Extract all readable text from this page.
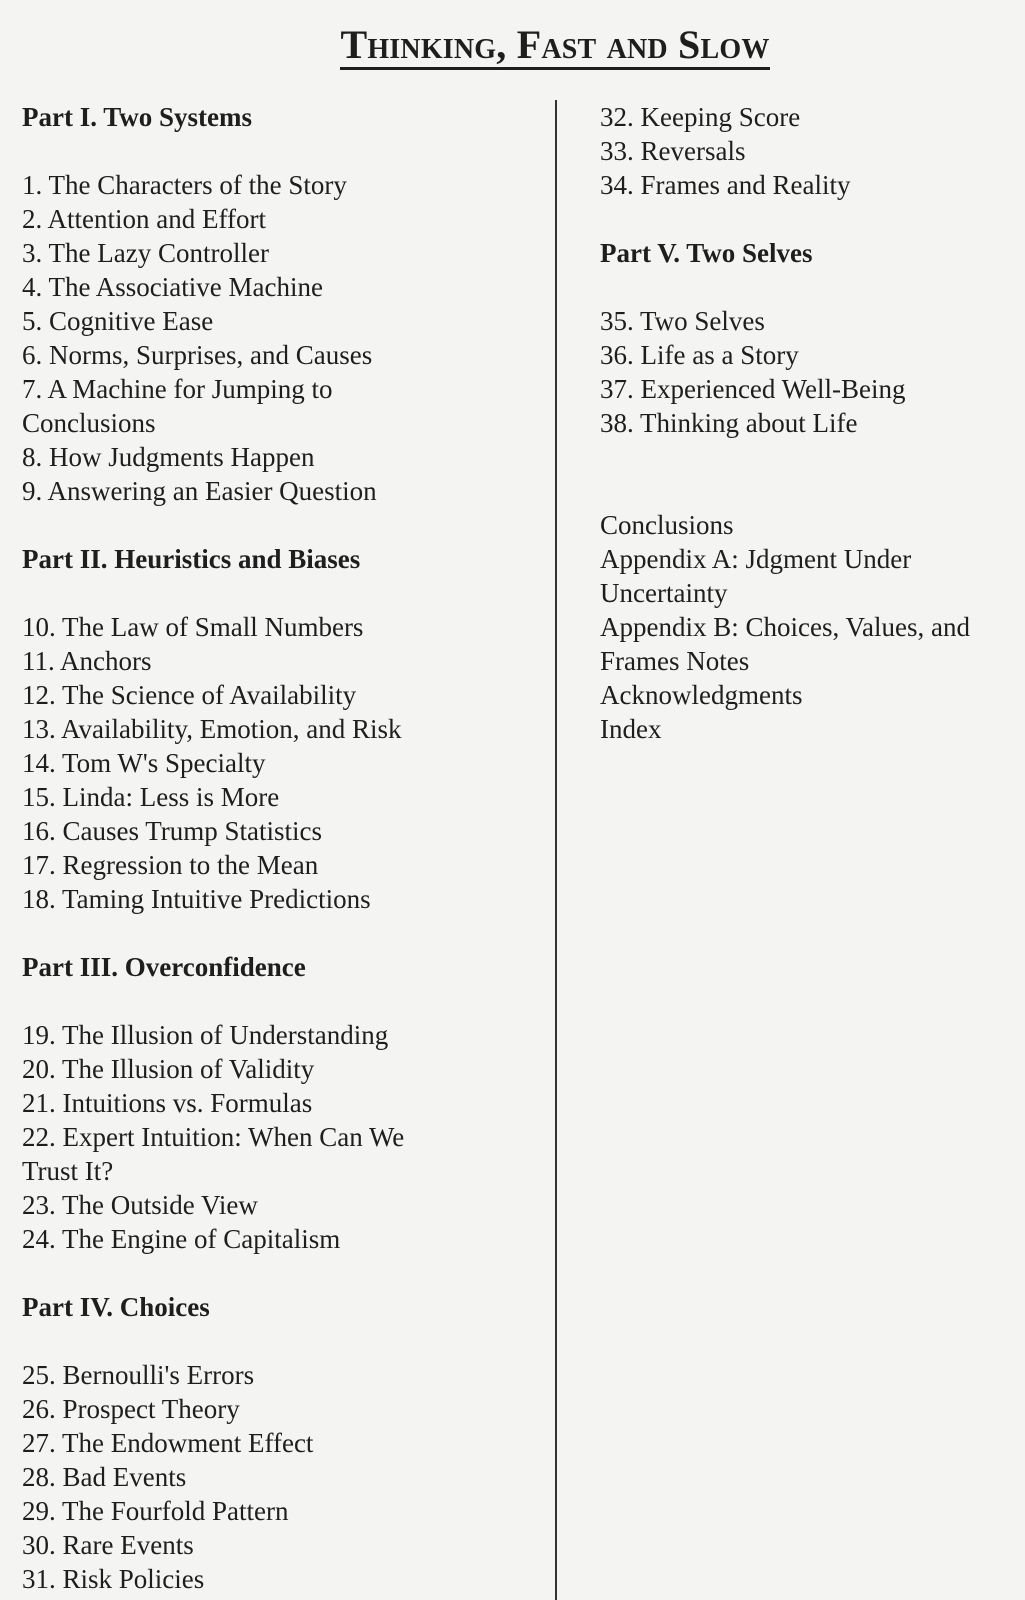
Thinking, Fast and Slow
Part I. Two Systems
1. The Characters of the Story
2. Attention and Effort
3. The Lazy Controller
4. The Associative Machine
5. Cognitive Ease
6. Norms, Surprises, and Causes
7. A Machine for Jumping to
Conclusions
8. How Judgments Happen
9. Answering an Easier Question
Part II. Heuristics and Biases
10. The Law of Small Numbers
11. Anchors
12. The Science of Availability
13. Availability, Emotion, and Risk
14. Tom W's Specialty
15. Linda: Less is More
16. Causes Trump Statistics
17. Regression to the Mean
18. Taming Intuitive Predictions
Part III. Overconfidence
19. The Illusion of Understanding
20. The Illusion of Validity
21. Intuitions vs. Formulas
22. Expert Intuition: When Can We
Trust It?
23. The Outside View
24. The Engine of Capitalism
Part IV. Choices
25. Bernoulli's Errors
26. Prospect Theory
27. The Endowment Effect
28. Bad Events
29. The Fourfold Pattern
30. Rare Events
31. Risk Policies
32. Keeping Score
33. Reversals
34. Frames and Reality
Part V. Two Selves
35. Two Selves
36. Life as a Story
37. Experienced Well-Being
38. Thinking about Life
Conclusions
Appendix A: Jdgment Under
Uncertainty
Appendix B: Choices, Values, and
Frames Notes
Acknowledgments
Index
